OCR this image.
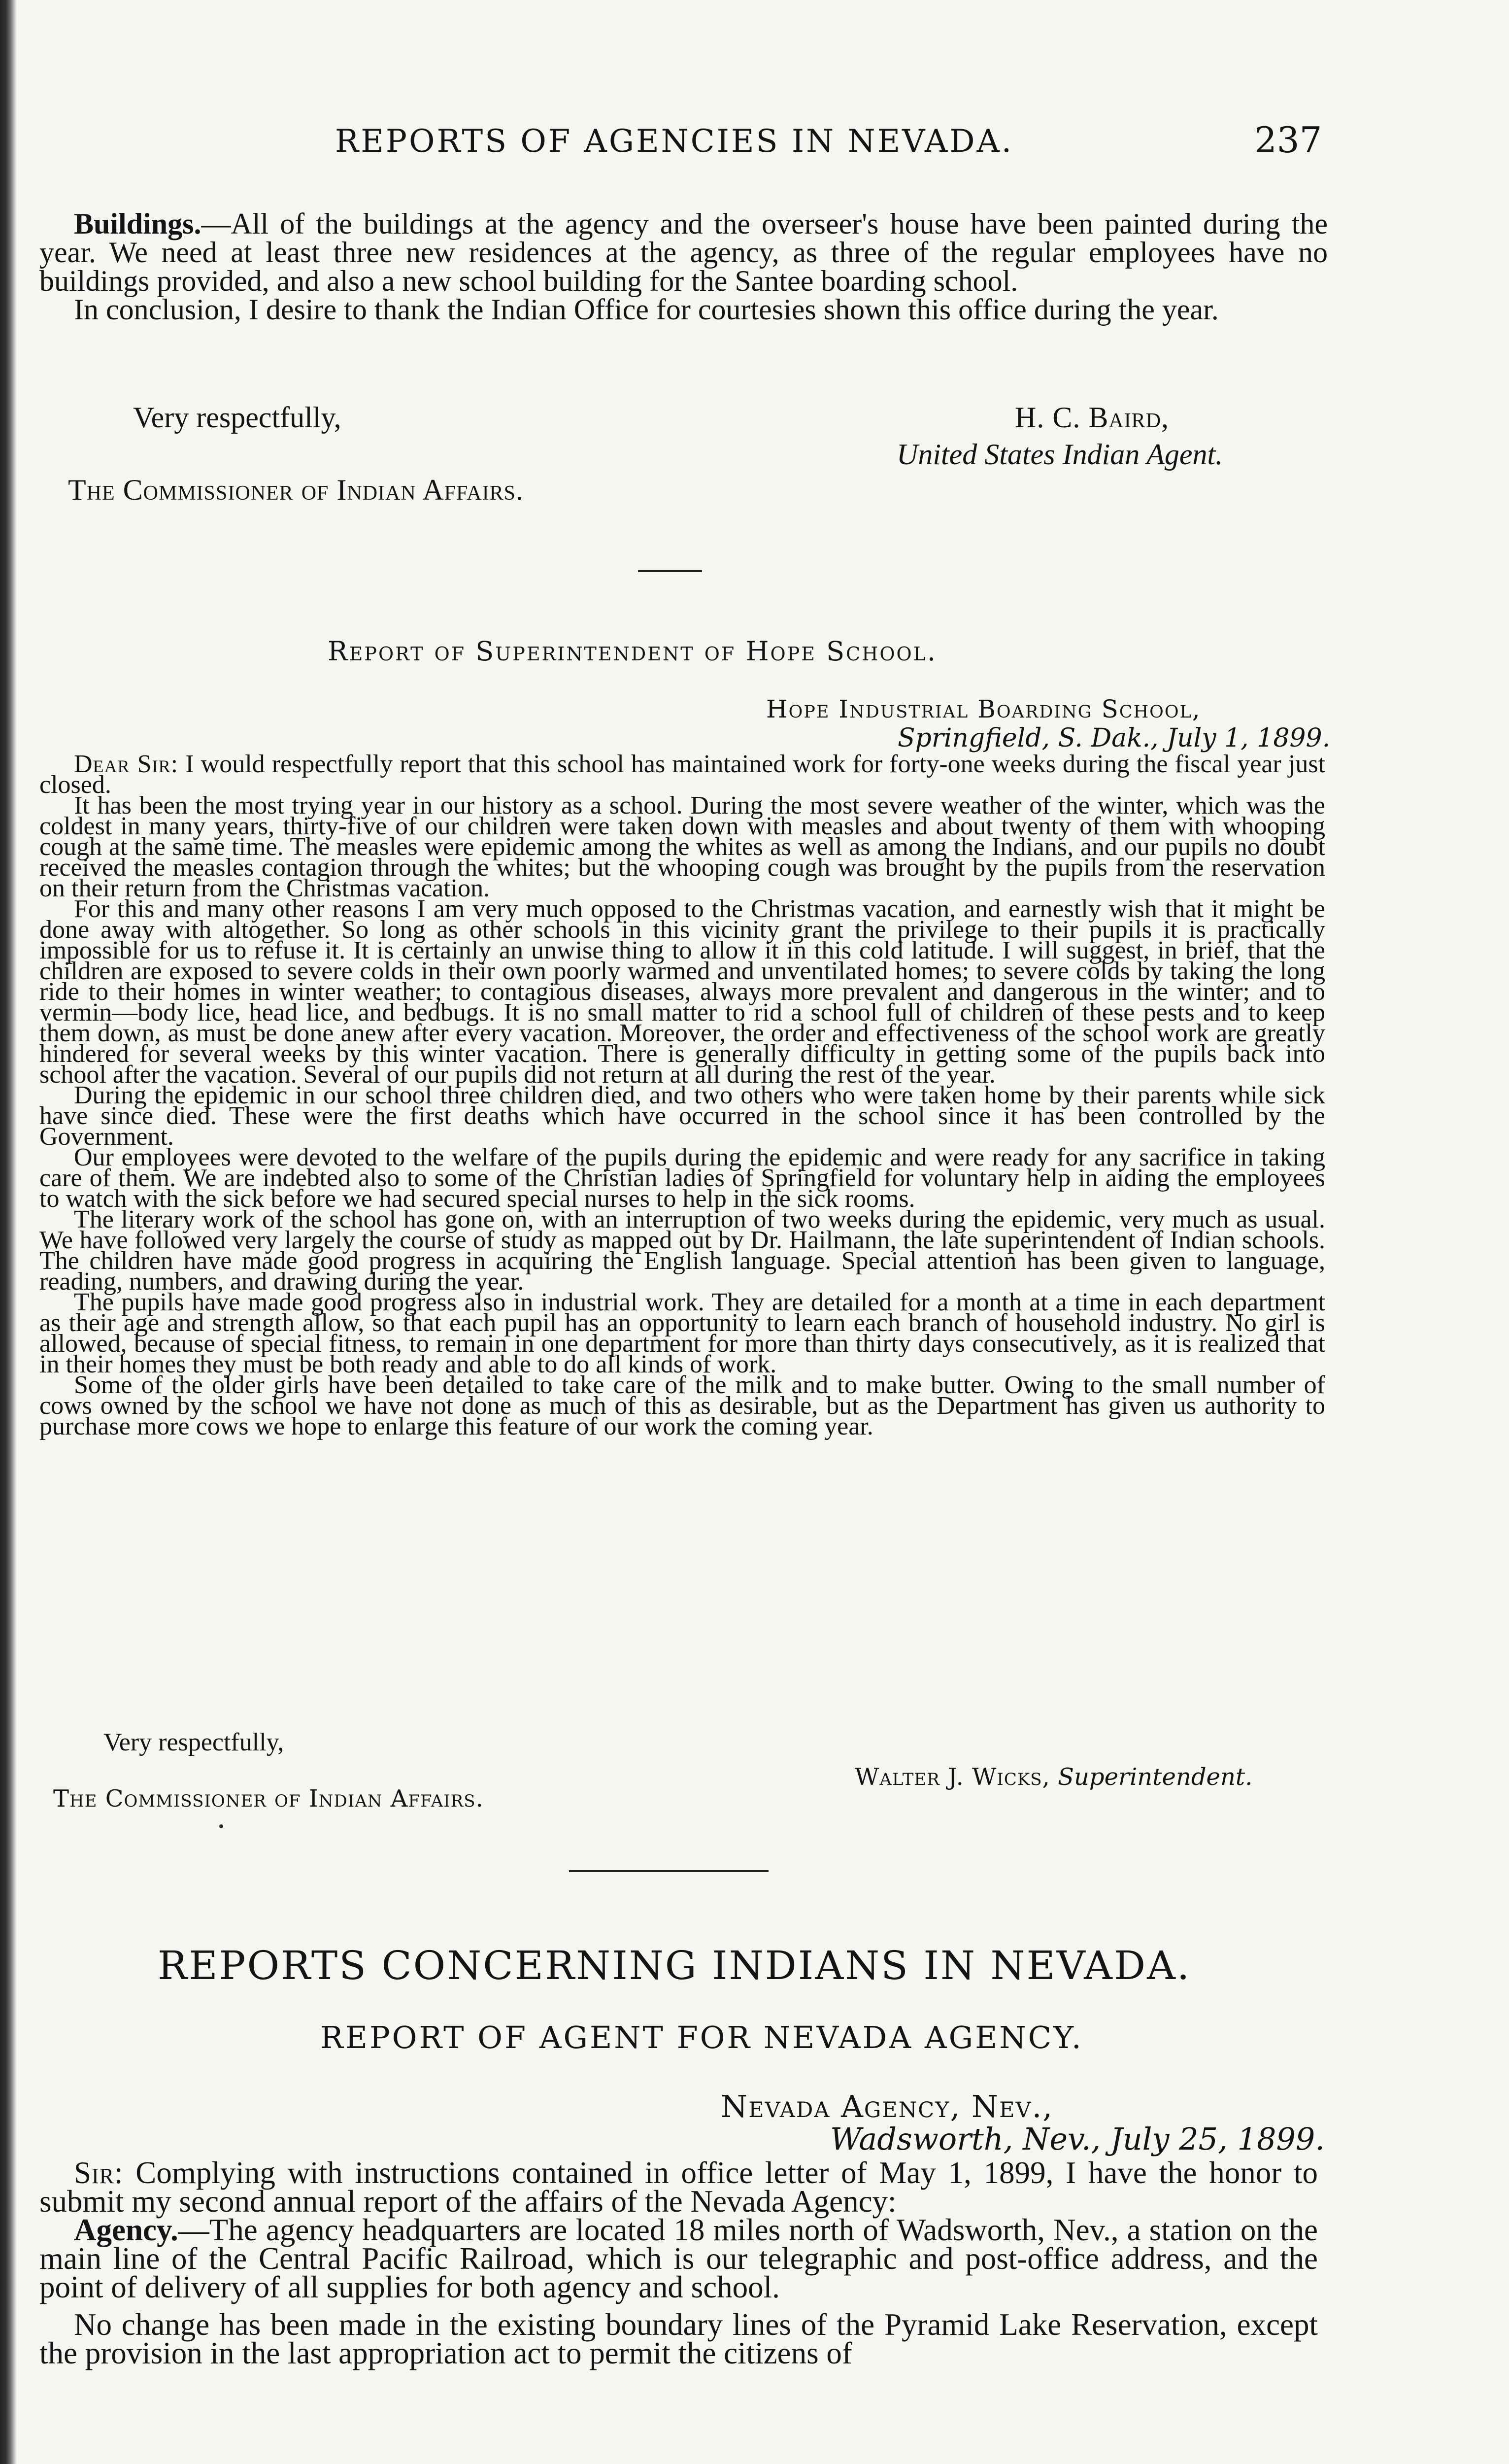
REPORTS OF AGENCIES IN NEVADA.	237

Buildings.—All of the buildings at the agency and the overseer's house have been painted during the year. We need at least three new residences at the agency, as three of the regular employees have no buildings provided, and also a new school building for the Santee boarding school.

In conclusion, I desire to thank the Indian Office for courtesies shown this office during the year.

Very respectfully,	H. C. Baird,
United States Indian Agent.
The Commissioner of Indian Affairs.
Report of Superintendent of Hope School.
Hope Industrial Boarding School,
Springfield, S. Dak., July 1, 1899.

Dear Sir: I would respectfully report that this school has maintained work for forty-one weeks during the fiscal year just closed.

It has been the most trying year in our history as a school. During the most severe weather of the winter, which was the coldest in many years, thirty-five of our children were taken down with measles and about twenty of them with whooping cough at the same time. The measles were epidemic among the whites as well as among the Indians, and our pupils no doubt received the measles contagion through the whites; but the whooping cough was brought by the pupils from the reservation on their return from the Christmas vacation.

For this and many other reasons I am very much opposed to the Christmas vacation, and earnestly wish that it might be done away with altogether. So long as other schools in this vicinity grant the privilege to their pupils it is practically impossible for us to refuse it. It is certainly an unwise thing to allow it in this cold latitude. I will suggest, in brief, that the children are exposed to severe colds in their own poorly warmed and unventilated homes; to severe colds by taking the long ride to their homes in winter weather; to contagious diseases, always more prevalent and dangerous in the winter; and to vermin—body lice, head lice, and bedbugs. It is no small matter to rid a school full of children of these pests and to keep them down, as must be done anew after every vacation. Moreover, the order and effectiveness of the school work are greatly hindered for several weeks by this winter vacation. There is generally difficulty in getting some of the pupils back into school after the vacation. Several of our pupils did not return at all during the rest of the year.

During the epidemic in our school three children died, and two others who were taken home by their parents while sick have since died. These were the first deaths which have occurred in the school since it has been controlled by the Government.

Our employees were devoted to the welfare of the pupils during the epidemic and were ready for any sacrifice in taking care of them. We are indebted also to some of the Christian ladies of Springfield for voluntary help in aiding the employees to watch with the sick before we had secured special nurses to help in the sick rooms.

The literary work of the school has gone on, with an interruption of two weeks during the epidemic, very much as usual. We have followed very largely the course of study as mapped out by Dr. Hailmann, the late superintendent of Indian schools. The children have made good progress in acquiring the English language. Special attention has been given to language, reading, numbers, and drawing during the year.

The pupils have made good progress also in industrial work. They are detailed for a month at a time in each department as their age and strength allow, so that each pupil has an opportunity to learn each branch of household industry. No girl is allowed, because of special fitness, to remain in one department for more than thirty days consecutively, as it is realized that in their homes they must be both ready and able to do all kinds of work.

Some of the older girls have been detailed to take care of the milk and to make butter. Owing to the small number of cows owned by the school we have not done as much of this as desirable, but as the Department has given us authority to purchase more cows we hope to enlarge this feature of our work the coming year.

Very respectfully,
Walter J. Wicks, Superintendent.
The Commissioner of Indian Affairs.
REPORTS CONCERNING INDIANS IN NEVADA.
REPORT OF AGENT FOR NEVADA AGENCY.
Nevada Agency, Nev.,
Wadsworth, Nev., July 25, 1899.

Sir: Complying with instructions contained in office letter of May 1, 1899, I have the honor to submit my second annual report of the affairs of the Nevada Agency:

Agency.—The agency headquarters are located 18 miles north of Wadsworth, Nev., a station on the main line of the Central Pacific Railroad, which is our telegraphic and post-office address, and the point of delivery of all supplies for both agency and school.

No change has been made in the existing boundary lines of the Pyramid Lake Reservation, except the provision in the last appropriation act to permit the citizens of
